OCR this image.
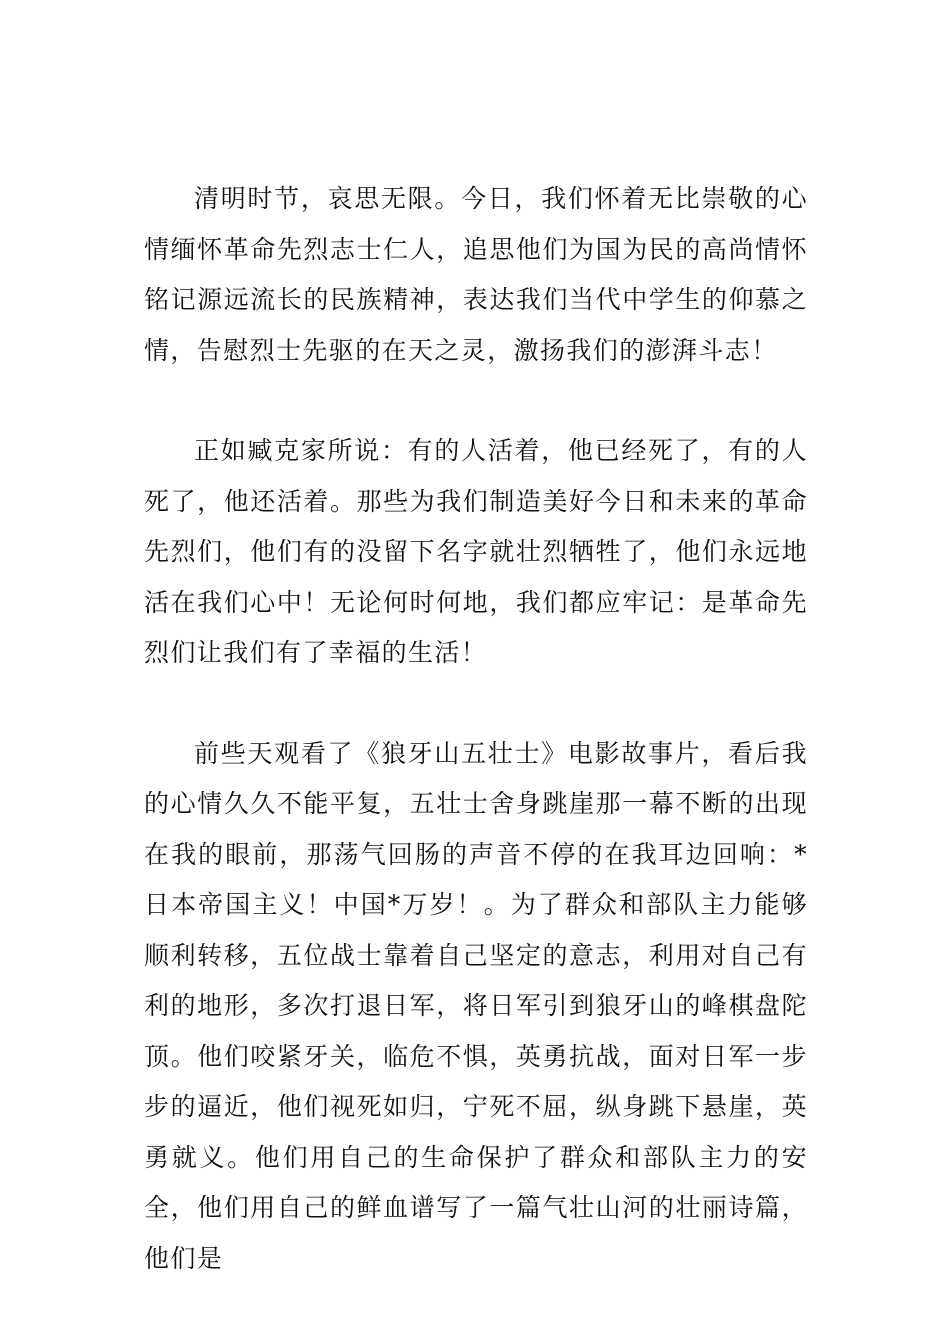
清明时节，哀思无限。今日，我们怀着无比崇敬的心情缅怀革命先烈志士仁人，追思他们为国为民的高尚情怀铭记源远流长的民族精神，表达我们当代中学生的仰慕之情，告慰烈士先驱的在天之灵，激扬我们的澎湃斗志！

正如臧克家所说：有的人活着，他已经死了，有的人死了，他还活着。那些为我们制造美好今日和未来的革命先烈们，他们有的没留下名字就壮烈牺牲了，他们永远地活在我们心中！无论何时何地，我们都应牢记：是革命先烈们让我们有了幸福的生活！

前些天观看了《狼牙山五壮士》电影故事片，看后我的心情久久不能平复，五壮士舍身跳崖那一幕不断的出现在我的眼前，那荡气回肠的声音不停的在我耳边回响：*日本帝国主义！中国*万岁！。为了群众和部队主力能够顺利转移，五位战士靠着自己坚定的意志，利用对自己有利的地形，多次打退日军，将日军引到狼牙山的峰棋盘陀顶。他们咬紧牙关，临危不惧，英勇抗战，面对日军一步步的逼近，他们视死如归，宁死不屈，纵身跳下悬崖，英勇就义。他们用自己的生命保护了群众和部队主力的安全，他们用自己的鲜血谱写了一篇气壮山河的壮丽诗篇，他们是
